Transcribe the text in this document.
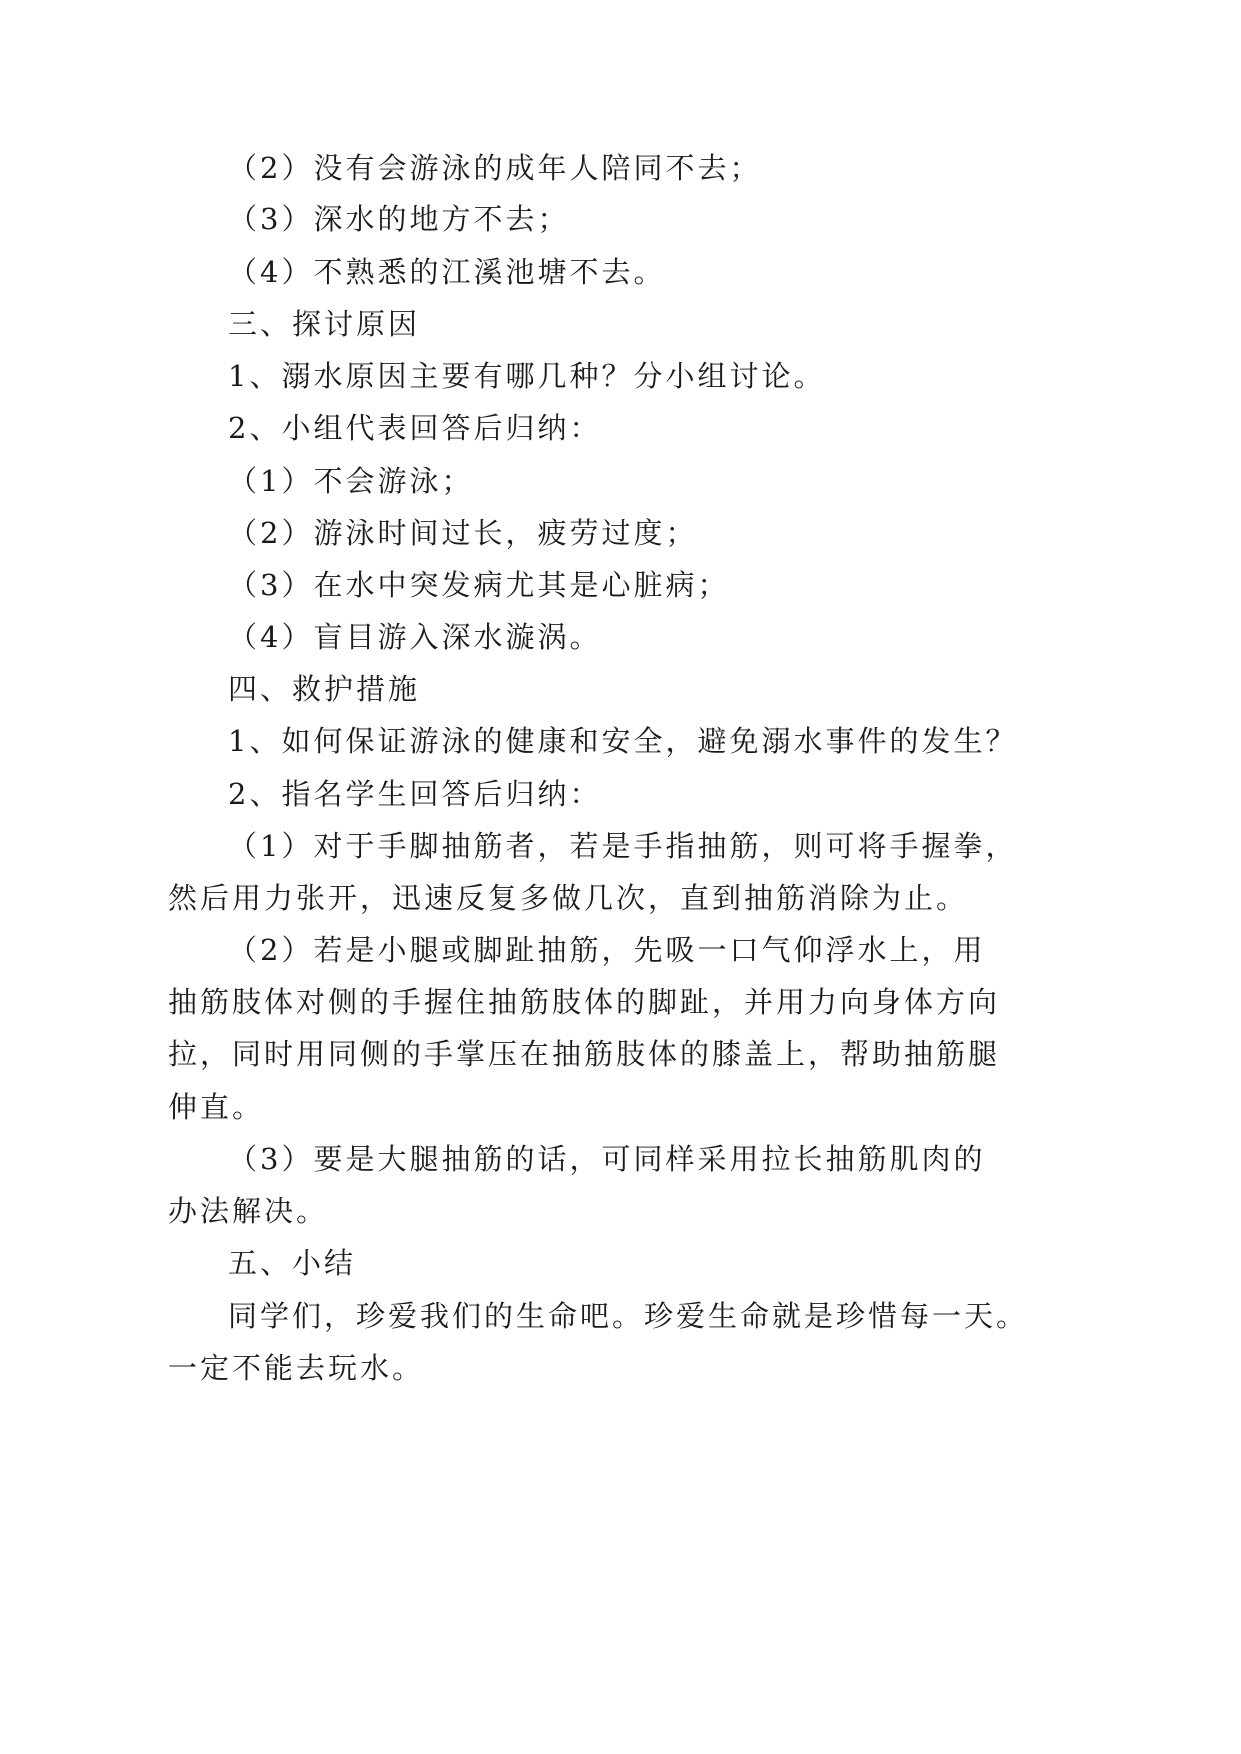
（2）没有会游泳的成年人陪同不去；
（3）深水的地方不去；
（4）不熟悉的江溪池塘不去。
三、探讨原因
1、溺水原因主要有哪几种？分小组讨论。
2、小组代表回答后归纳：
（1）不会游泳；
（2）游泳时间过长，疲劳过度；
（3）在水中突发病尤其是心脏病；
（4）盲目游入深水漩涡。
四、救护措施
1、如何保证游泳的健康和安全，避免溺水事件的发生？
2、指名学生回答后归纳：
（1）对于手脚抽筋者，若是手指抽筋，则可将手握拳，
然后用力张开，迅速反复多做几次，直到抽筋消除为止。
（2）若是小腿或脚趾抽筋，先吸一口气仰浮水上，用
抽筋肢体对侧的手握住抽筋肢体的脚趾，并用力向身体方向
拉，同时用同侧的手掌压在抽筋肢体的膝盖上，帮助抽筋腿
伸直。
（3）要是大腿抽筋的话，可同样采用拉长抽筋肌肉的
办法解决。
五、小结
同学们，珍爱我们的生命吧。珍爱生命就是珍惜每一天。
一定不能去玩水。
